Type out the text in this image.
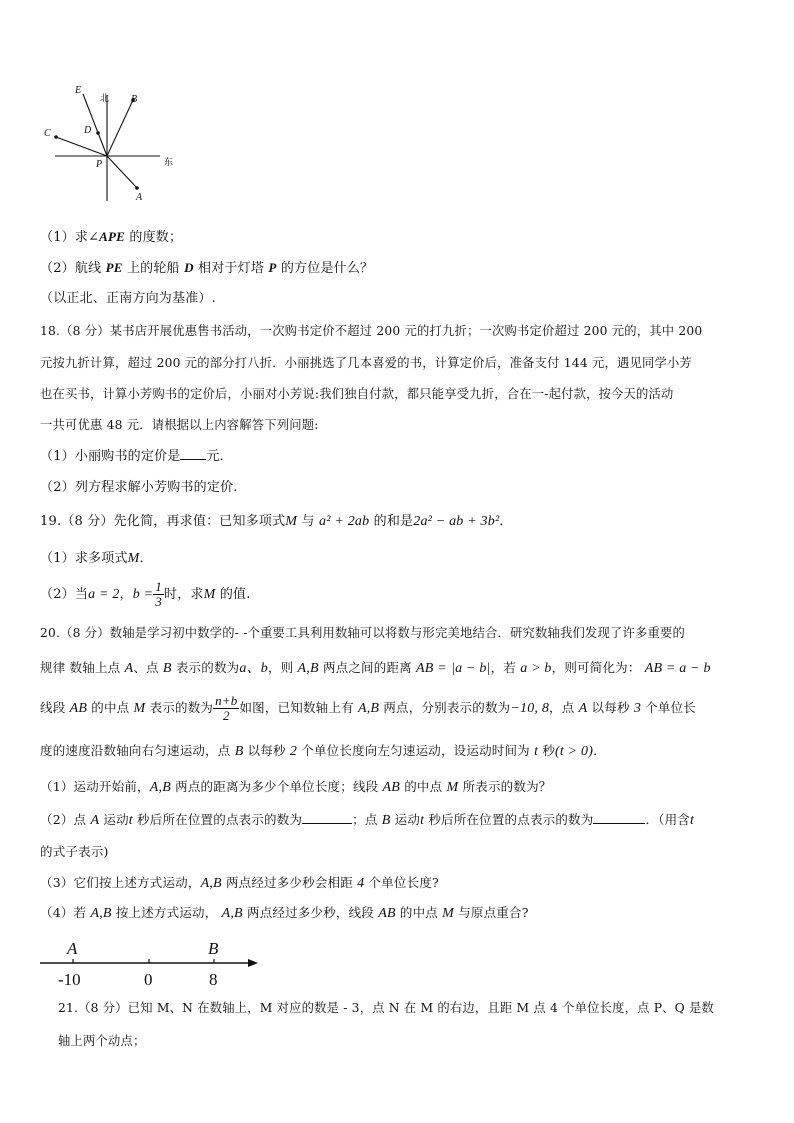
E
北 B
C	D
P	东
A
（1）求∠APE 的度数；
（2）航线 PE 上的轮船 D 相对于灯塔 P 的方位是什么？
（以正北、正南方向为基准）.
18.（8 分）某书店开展优惠售书活动，一次购书定价不超过 200 元的打九折；一次购书定价超过 200 元的，其中 200
元按九折计算，超过 200 元的部分打八折．小丽挑选了几本喜爱的书，计算定价后，准备支付 144 元，遇见同学小芳
也在买书，计算小芳购书的定价后，小丽对小芳说:我们独自付款，都只能享受九折，合在一-起付款，按今天的活动
一共可优惠 48 元．请根据以上内容解答下列问题:
（1）小丽购书的定价是 元．
（2）列方程求解小芳购书的定价.
19.（8 分）先化简，再求值：已知多项式M 与 a² + 2ab 的和是2a² − ab + 3b²．
（1）求多项式M．
（2）当a = 2，$b = \frac{1}{3}$ 时，求M 的值.
20.（8 分）数轴是学习初中数学的- -个重要工具利用数轴可以将数与形完美地结合．研究数轴我们发现了许多重要的
规律 数轴上点 A、点 B 表示的数为a、b，则 A,B 两点之间的距离 AB = |a − b|，若 a > b，则可简化为： AB = a − b
线段 AB 的中点 M 表示的数为 $\frac{n+b}{2}$ 如图，已知数轴上有 A,B 两点，分别表示的数为−10, 8，点 A 以每秒 3 个单位长
度的速度沿数轴向右匀速运动，点 B 以每秒 2 个单位长度向左匀速运动，设运动时间为 t 秒(t > 0).
（1）运动开始前，A,B 两点的距离为多少个单位长度；线段 AB 的中点 M 所表示的数为？
（2）点 A 运动t 秒后所在位置的点表示的数为	；点 B 运动t 秒后所在位置的点表示的数为	．（用含t
的式子表示)
（3）它们按上述方式运动，A,B 两点经过多少秒会相距 4 个单位长度?
（4）若 A,B 按上述方式运动， A,B 两点经过多少秒，线段 AB 的中点 M 与原点重合?
A	B
-10	0	8
21.（8 分）已知 M、N 在数轴上，M 对应的数是 - 3，点 N 在 M 的右边，且距 M 点 4 个单位长度，点 P、Q 是数
轴上两个动点；
